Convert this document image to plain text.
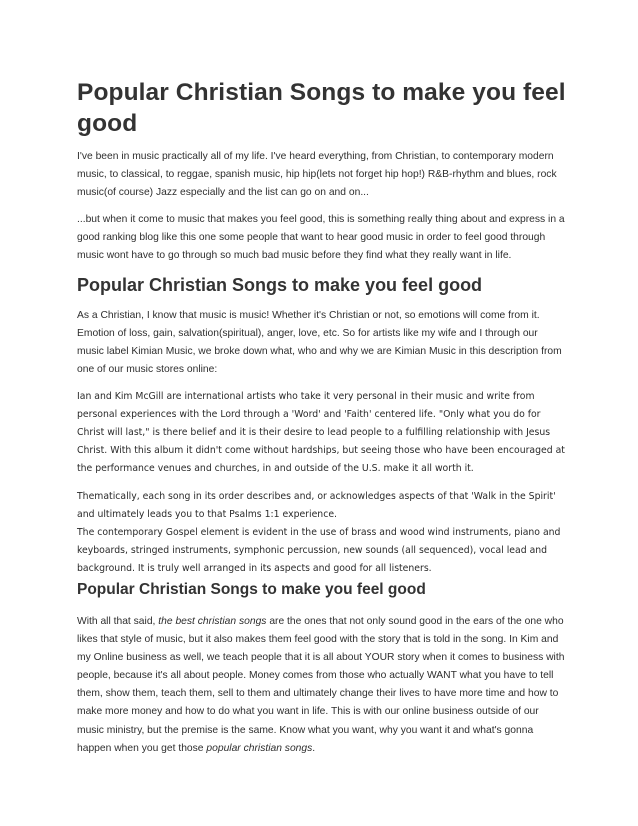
Popular Christian Songs to make you feel good

I've been in music practically all of my life. I've heard everything, from Christian, to contemporary modern music, to classical, to reggae, spanish music, hip hip(lets not forget hip hop!) R&B-rhythm and blues, rock music(of course) Jazz especially and the list can go on and on...

...but when it come to music that makes you feel good, this is something really thing about and express in a good ranking blog like this one some people that want to hear good music in order to feel good through music wont have to go through so much bad music before they find what they really want in life.

Popular Christian Songs to make you feel good

As a Christian, I know that music is music! Whether it's Christian or not, so emotions will come from it. Emotion of loss, gain, salvation(spiritual), anger, love, etc. So for artists like my wife and I through our music label Kimian Music, we broke down what, who and why we are Kimian Music in this description from one of our music stores online:

Ian and Kim McGill are international artists who take it very personal in their music and write from personal experiences with the Lord through a 'Word' and 'Faith' centered life. "Only what you do for Christ will last," is there belief and it is their desire to lead people to a fulfilling relationship with Jesus Christ. With this album it didn't come without hardships, but seeing those who have been encouraged at the performance venues and churches, in and outside of the U.S. make it all worth it.

Thematically, each song in its order describes and, or acknowledges aspects of that 'Walk in the Spirit' and ultimately leads you to that Psalms 1:1 experience.

The contemporary Gospel element is evident in the use of brass and wood wind instruments, piano and keyboards, stringed instruments, symphonic percussion, new sounds (all sequenced), vocal lead and background. It is truly well arranged in its aspects and good for all listeners.

Popular Christian Songs to make you feel good

With all that said, the best christian songs are the ones that not only sound good in the ears of the one who likes that style of music, but it also makes them feel good with the story that is told in the song. In Kim and my Online business as well, we teach people that it is all about YOUR story when it comes to business with people, because it's all about people. Money comes from those who actually WANT what you have to tell them, show them, teach them, sell to them and ultimately change their lives to have more time and how to make more money and how to do what you want in life. This is with our online business outside of our music ministry, but the premise is the same. Know what you want, why you want it and what's gonna happen when you get those popular christian songs.
